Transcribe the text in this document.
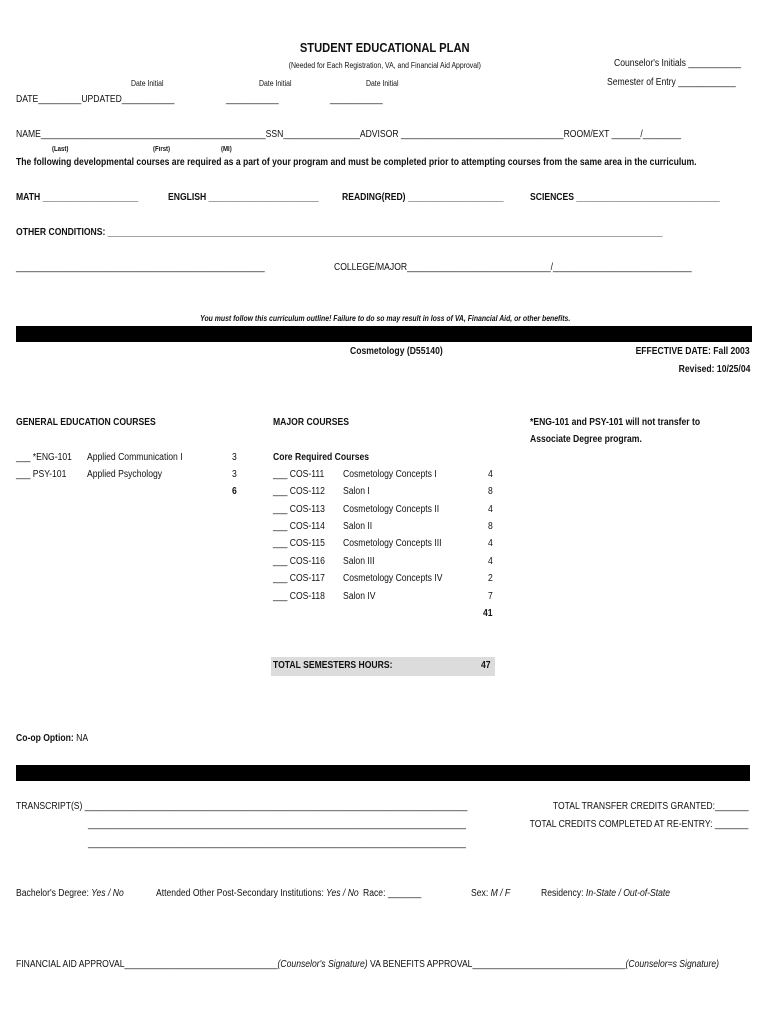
STUDENT EDUCATIONAL PLAN
(Needed for Each Registration, VA, and Financial Aid Approval)	Counselor's Initials ___________
Semester of Entry ____________
Date Initial	Date Initial	Date Initial
DATE_________UPDATED___________	___________	___________
NAME_______________________________________________SSN________________ADVISOR __________________________________ROOM/EXT ______/________
(Last)	(First)	(MI)
The following developmental courses are required as a part of your program and must be completed prior to attempting courses from the same area in the curriculum.
MATH ____________________	ENGLISH _______________________ READING(RED) ____________________	SCIENCES ______________________________
OTHER CONDITIONS: ____________________________________________________________________________________________________________________
____________________________________________________	COLLEGE/MAJOR______________________________/_____________________________
You must follow this curriculum outline! Failure to do so may result in loss of VA, Financial Aid, or other benefits.
Cosmetology (D55140)	EFFECTIVE DATE: Fall 2003
Revised: 10/25/04
GENERAL EDUCATION COURSES
___ *ENG-101 Applied Communication I	3
___ PSY-101 Applied Psychology	3
6
MAJOR COURSES
Core Required Courses
___ COS-111 Cosmetology Concepts I	4
___ COS-112 Salon I	8
___ COS-113 Cosmetology Concepts II	4
___ COS-114 Salon II	8
___ COS-115 Cosmetology Concepts III	4
___ COS-116 Salon III	4
___ COS-117 Cosmetology Concepts IV	2
___ COS-118 Salon IV	7
41
*ENG-101 and PSY-101 will not transfer to
Associate Degree program.
TOTAL SEMESTERS HOURS:	47
Co-op Option: NA
TRANSCRIPT(S) ________________________________________________________________________________
_______________________________________________________________________________
_______________________________________________________________________________
TOTAL TRANSFER CREDITS GRANTED:_______
TOTAL CREDITS COMPLETED AT RE-ENTRY: _______
Bachelor's Degree: Yes / No	Attended Other Post-Secondary Institutions: Yes / No Race: _______	Sex: M / F	Residency: In-State / Out-of-State
FINANCIAL AID APPROVAL________________________________(Counselor's Signature) VA BENEFITS APPROVAL________________________________(Counselor=s Signature)
